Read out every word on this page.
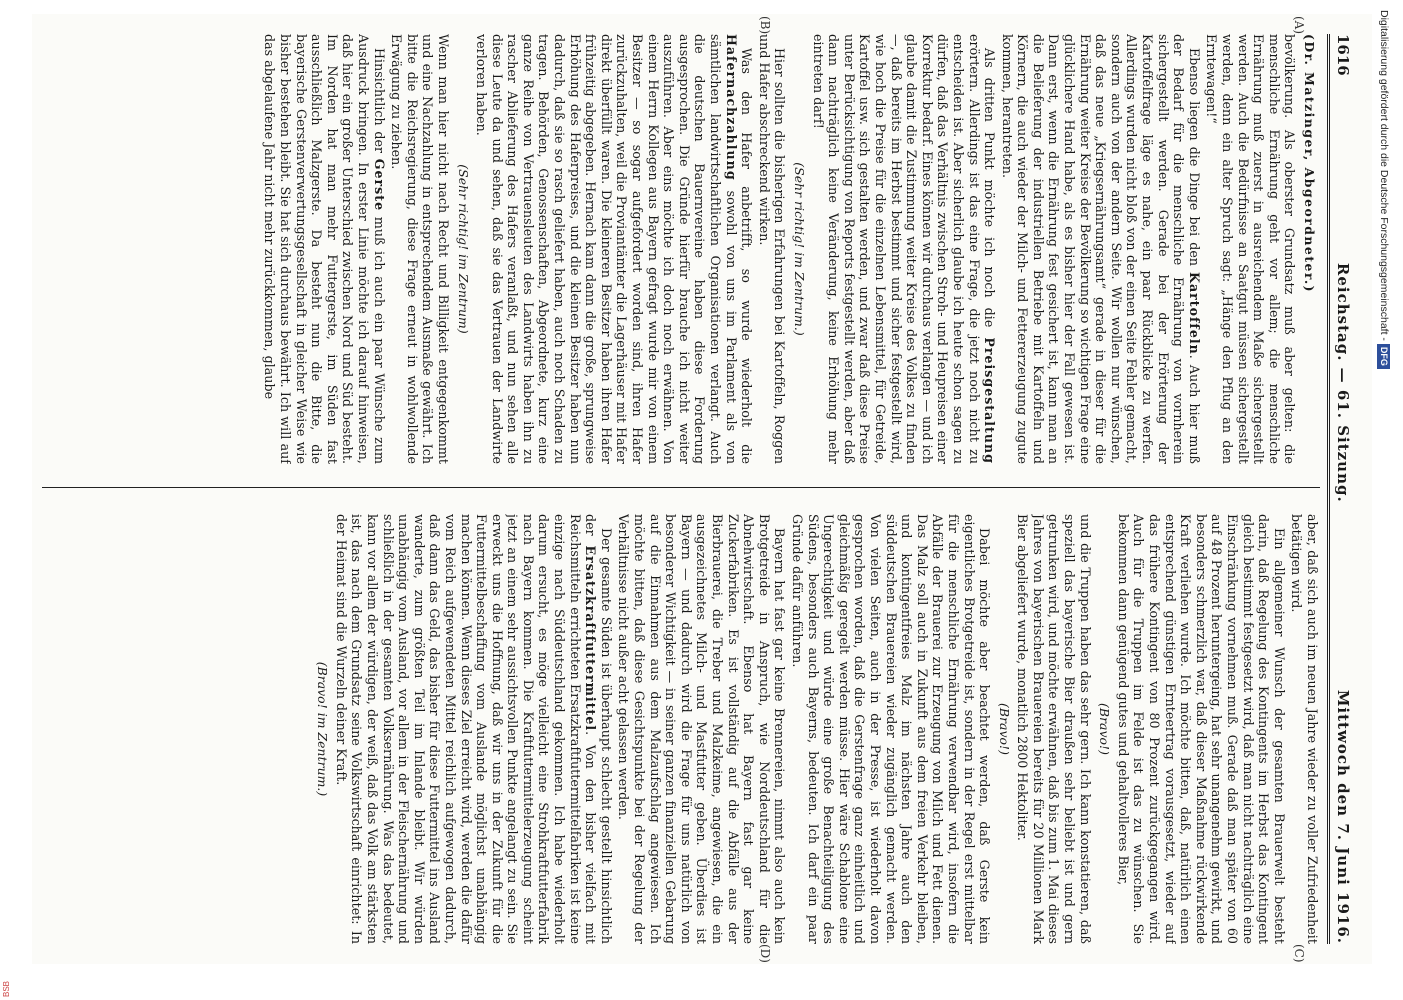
1616
Reichstag. — 61. Sitzung.
Mittwoch den 7. Juni 1916.
(A)
(B)
(C)
(D)

(Dr. Matzinger, Abgeordneter.)

bevölkerung. Als oberster Grundsatz muß aber gelten: die menschliche Ernährung geht vor allem; die menschliche Ernährung muß zuerst in ausreichendem Maße sichergestellt werden. Auch die Bedürfnisse an Saatgut müssen sichergestellt werden, denn ein alter Spruch sagt: „Hänge den Pflug an den Erntewagen!“

Ebenso liegen die Dinge bei den Kartoffeln. Auch hier muß der Bedarf für die menschliche Ernährung von vornherein sichergestellt werden. Gerade bei der Erörterung der Kartoffelfrage läge es nahe, ein paar Rückblicke zu werfen. Allerdings wurden nicht bloß von der einen Seite Fehler gemacht, sondern auch von der andern Seite. Wir wollen nur wünschen, daß das neue „Kriegsernährungsamt“ gerade in dieser für die Ernährung weiter Kreise der Bevölkerung so wichtigen Frage eine glücklichere Hand habe, als es bisher hier der Fall gewesen ist. Dann erst, wenn die Ernährung fest gesichert ist, kann man an die Belieferung der industriellen Betriebe mit Kartoffeln und Körnern, die auch wieder der Milch- und Fettererzeugung zugute kommen, herantreten.

Als dritten Punkt möchte ich noch die Preisgestaltung erörtern. Allerdings ist das eine Frage, die jetzt noch nicht zu entscheiden ist. Aber sicherlich glaube ich heute schon sagen zu dürfen, daß das Verhältnis zwischen Stroh- und Heupreisen einer Korrektur bedarf. Eines können wir durchaus verlangen — und ich glaube damit die Zustimmung weiter Kreise des Volkes zu finden —, daß bereits im Herbst bestimmt und sicher festgestellt wird, wie hoch die Preise für die einzelnen Lebensmittel, für Getreide, Kartoffel usw. sich gestalten werden, und zwar daß diese Preise unter Berücksichtigung von Reports festgestellt werden, aber daß dann nachträglich keine Veränderung, keine Erhöhung mehr eintreten darf!

(Sehr richtig! im Zentrum.)

Hier sollten die bisherigen Erfahrungen bei Kartoffeln, Roggen und Hafer abschreckend wirken.

Was den Hafer anbetrifft, so wurde wiederholt die Hafernachzahlung sowohl von uns im Parlament als von sämtlichen landwirtschaftlichen Organisationen verlangt. Auch die deutschen Bauernvereine haben diese Forderung ausgesprochen. Die Gründe hierfür brauche ich nicht weiter auszuführen. Aber eins möchte ich doch noch erwähnen. Von einem Herrn Kollegen aus Bayern gefragt wurde mir von einem Besitzer — so sogar aufgefordert worden sind, ihren Hafer zurückzuhalten, weil die Proviantämter die Lagerhäuser mit Hafer direkt überfüllt waren. Die kleineren Besitzer haben ihren Hafer frühzeitig abgegeben. Hernach kam dann die große, sprungweise Erhöhung des Haferpreises, und die kleinen Besitzer haben nun dadurch, daß sie so rasch geliefert haben, auch noch Schaden zu tragen. Behörden, Genossenschaften, Abgeordnete, kurz eine ganze Reihe von Vertrauensleuten des Landwirts haben ihn zu rascher Ablieferung des Hafers veranlaßt, und nun sehen alle diese Leute da und sehen, daß sie das Vertrauen der Landwirte verloren haben.

(Sehr richtig! im Zentrum)

Wenn man hier nicht nach Recht und Billigkeit entgegenkommt und eine Nachzahlung in entsprechendem Ausmaße gewährt. Ich bitte die Reichsregierung, diese Frage erneut in wohlwollende Erwägung zu ziehen.

Hinsichtlich der Gerste muß ich auch ein paar Wünsche zum Ausdruck bringen. In erster Linie möchte ich darauf hinweisen, daß hier ein großer Unterschied zwischen Nord und Süd besteht. Im Norden hat man mehr Futtergerste, im Süden fast ausschließlich Malzgerste. Da besteht nun die Bitte, die bayerische Gerstenverwertungsgesellschaft in gleicher Weise wie bisher bestehen bleibt. Sie hat sich durchaus bewährt. Ich will auf das abgelaufene Jahr nicht mehr zurückkommen, glaube

aber, daß sich auch im neuen Jahre wieder zu voller Zufriedenheit betätigen wird.

Ein allgemeiner Wunsch der gesamten Brauerwelt besteht darin, daß Regelung des Kontingents im Herbst das Kontingent gleich bestimmt festgesetzt wird, daß man nicht nachträglich eine Einschränkung vornehmen muß. Gerade daß man später von 60 auf 48 Prozent heruntergeing, hat sehr unangenehm gewirkt, und besonders schmerzlich war, daß dieser Maßnahme rückwirkende Kraft verliehen wurde. Ich möchte bitten, daß, natürlich einen entsprechend günstigen Ernteertrag vorausgesetzt, wieder auf das frühere Kontingent von 80 Prozent zurückgegangen wird. Auch für die Truppen im Felde ist das zu wünschen. Sie bekommen dann genügend gutes und gehaltvolleres Bier,

(Bravo!)

und die Truppen haben das sehr gern. Ich kann konstatieren, daß speziell das bayerische Bier draußen sehr beliebt ist und gern getrunken wird, und möchte erwähnen, daß bis zum 1. Mai dieses Jahres von bayerischen Brauereien bereits für 20 Millionen Mark Bier abgeliefert wurde, monatlich 2800 Hektoliter.

(Bravo!)

Dabei möchte aber beachtet werden, daß Gerste kein eigentliches Brotgetreide ist, sondern in der Regel erst mittelbar für die menschliche Ernährung verwendbar wird, insofern die Abfälle der Brauerei zur Erzeugung von Milch und Fett dienen. Das Malz soll auch in Zukunft aus dem freien Verkehr bleiben, und kontingentfreies Malz im nächsten Jahre auch den süddeutschen Brauereien wieder zugänglich gemacht werden. Von vielen Seiten, auch in der Presse, ist wiederholt davon gesprochen worden, daß die Gerstenfrage ganz einheitlich und gleichmäßig geregelt werden müsse. Hier wäre Schablone eine Ungerechtigkeit und würde eine große Benachteiligung des Südens, besonders auch Bayerns, bedeuten. Ich darf ein paar Gründe dafür anführen.

Bayern hat fast gar keine Brennereien, nimmt also auch kein Brotgetreide in Anspruch, wie Norddeutschland für die Abnehwirtschaft. Ebenso hat Bayern fast gar keine Zuckerfabriken. Es ist vollständig auf die Abfälle aus der Bierbrauerei, die Treber und Malzkeime, angewiesen, die ein ausgezeichnetes Milch- und Mastfutter geben. Überdies ist Bayern — und dadurch wird die Frage für uns natürlich von besonderer Wichtigkeit — in seiner ganzen finanziellen Gebarung auf die Einnahmen aus dem Malzaufschlag angewiesen. Ich möchte bitten, daß diese Gesichtspunkte bei der Regelung der Verhältnisse nicht außer acht gelassen werden.

Der gesamte Süden ist überhaupt schlecht gestellt hinsichtlich der Ersatzkraftfuttermittel. Von den bisher vielfach mit Reichsmitteln errichteten Ersatzkraftfuttermittelfabriken ist keine einzige nach Süddeutschland gekommen. Ich habe wiederholt darum ersucht, es möge vielleicht eine Strohkraftfutterfabrik nach Bayern kommen. Die Kraftfuttermittelerzeugung scheint jetzt an einem sehr aussichtsvollen Punkte angelangt zu sein. Sie erweckt uns die Hoffnung, daß wir uns in der Zukunft für die Futtermittelbeschaffung vom Auslande möglichst unabhängig machen können. Wenn dieses Ziel erreicht wird, werden die dafür vom Reich aufgewendeten Mittel reichlich aufgewogen dadurch, daß dann das Geld, das bisher für diese Futtermittel ins Ausland wanderte, zum größten Teil im Inlande bleibt. Wir würden unabhängig vom Ausland, vor allem in der Fleischernährung und schließlich in der gesamten Volksernährung. Was das bedeutet, kann vor allem der würdigen, der weiß, daß das Volk am stärksten ist, das nach dem Grundsatz seine Volkswirtschaft einrichtet: In der Heimat sind die Wurzeln deiner Kraft.

(Bravo! im Zentrum.)

Digitalisierung gefördert durch die Deutsche Forschungsgemeinschaft - DFG
BSB
